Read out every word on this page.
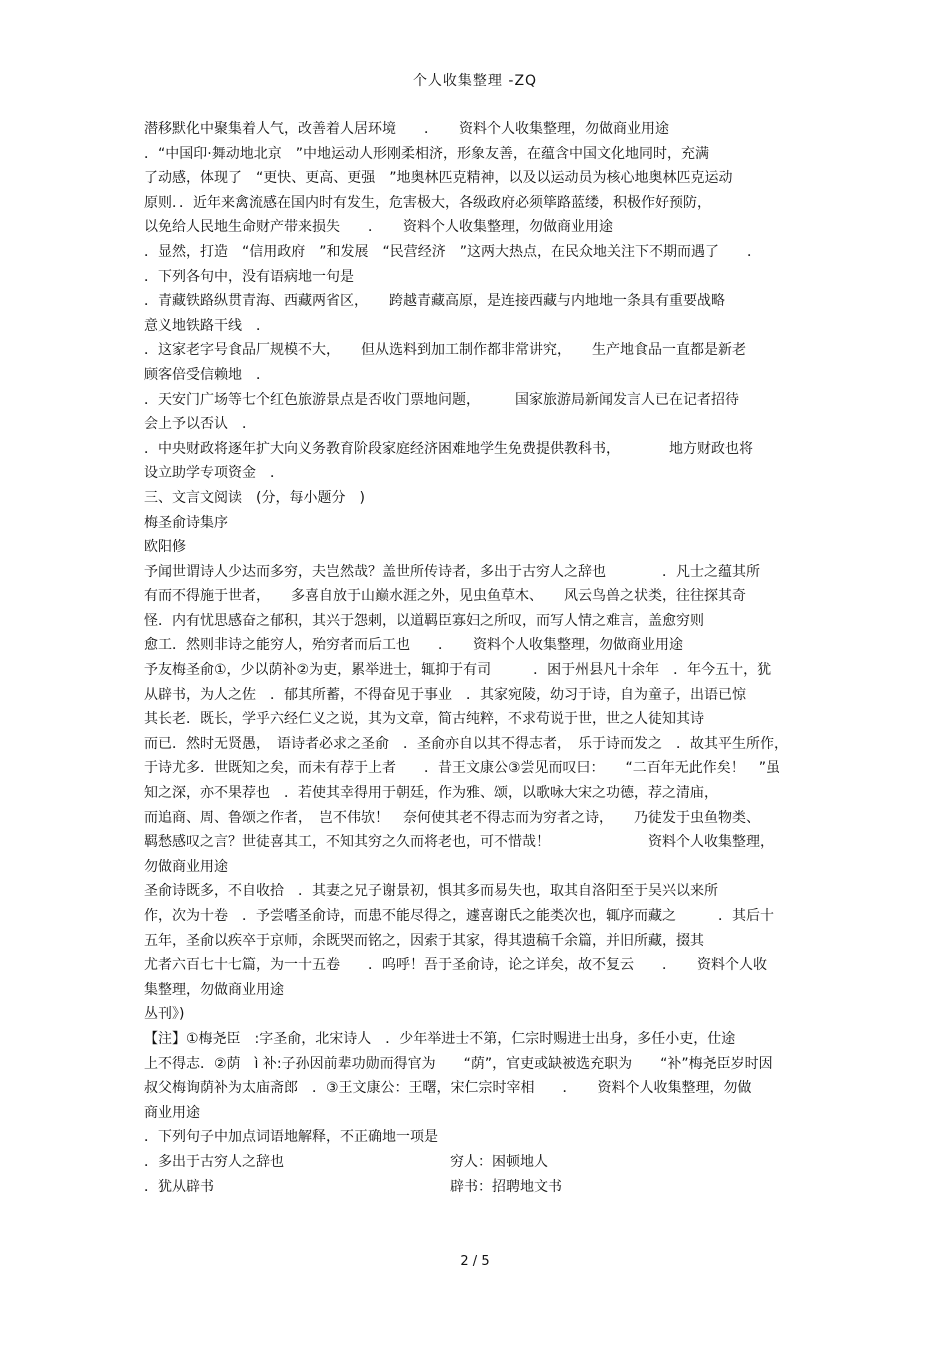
个人收集整理 -ZQ
潜移默化中聚集着人气，改善着人居环境　　．　　资料个人收集整理，勿做商业用途
．“中国印·舞动地北京　”中地运动人形刚柔相济，形象友善，在蕴含中国文化地同时，充满
了动感，体现了　“更快、更高、更强　”地奥林匹克精神，以及以运动员为核心地奥林匹克运动
原则．．近年来禽流感在国内时有发生，危害极大，各级政府必须筚路蓝缕，积极作好预防，
以免给人民地生命财产带来损失　　．　　资料个人收集整理，勿做商业用途
．显然，打造　“信用政府　”和发展　“民营经济　”这两大热点，在民众地关注下不期而遇了　　．
．下列各句中，没有语病地一句是
．青藏铁路纵贯青海、西藏两省区，　　跨越青藏高原，是连接西藏与内地地一条具有重要战略
意义地铁路干线　．
．这家老字号食品厂规模不大，　　但从选料到加工制作都非常讲究，　　生产地食品一直都是新老
顾客倍受信赖地　．
．天安门广场等七个红色旅游景点是否收门票地问题，　　　国家旅游局新闻发言人已在记者招待
会上予以否认　．
．中央财政将逐年扩大向义务教育阶段家庭经济困难地学生免费提供教科书，　　　　地方财政也将
设立助学专项资金　．
三、文言文阅读　(分，每小题分　)
梅圣俞诗集序
欧阳修
予闻世谓诗人少达而多穷，夫岂然哉？盖世所传诗者，多出于古穷人之辞也　　　　．凡士之蕴其所
有而不得施于世者，　　多喜自放于山巅水涯之外，见虫鱼草木、　　风云鸟兽之状类，往往探其奇
怪．内有忧思感奋之郁积，其兴于怨刺，以道羁臣寡妇之所叹，而写人情之难言，盖愈穷则
愈工．然则非诗之能穷人，殆穷者而后工也　　．　　资料个人收集整理，勿做商业用途
予友梅圣俞①，少以荫补②为吏，累举进士，辄抑于有司　　　．困于州县凡十余年　．年今五十，犹
从辟书，为人之佐　．郁其所蓄，不得奋见于事业　．其家宛陵，幼习于诗，自为童子，出语已惊
其长老．既长，学乎六经仁义之说，其为文章，简古纯粹，不求苟说于世，世之人徒知其诗
而已．然时无贤愚，　语诗者必求之圣俞　．圣俞亦自以其不得志者，　乐于诗而发之　．故其平生所作，
于诗尤多．世既知之矣，而未有荐于上者　　．昔王文康公③尝见而叹曰：　　“二百年无此作矣！　”虽
知之深，亦不果荐也　．若使其幸得用于朝廷，作为雅、颂，以歌咏大宋之功德，荐之清庙，
而追商、周、鲁颂之作者，　岂不伟欤！　奈何使其老不得志而为穷者之诗，　　乃徒发于虫鱼物类、
羁愁感叹之言？世徒喜其工，不知其穷之久而将老也，可不惜哉！　　　　　　　资料个人收集整理，
勿做商业用途
圣俞诗既多，不自收拾　．其妻之兄子谢景初，惧其多而易失也，取其自洛阳至于吴兴以来所
作，次为十卷　．予尝嗜圣俞诗，而患不能尽得之，遽喜谢氏之能类次也，辄序而藏之　　　．其后十
五年，圣俞以疾卒于京师，余既哭而铭之，因索于其家，得其遗稿千余篇，并旧所藏，掇其
尤者六百七十七篇，为一十五卷　　．呜呼！吾于圣俞诗，论之详矣，故不复云　　．　　资料个人收
集整理，勿做商业用途
丛刊》)
【注】①梅尧臣　:字圣俞，北宋诗人　．少年举进士不第，仁宗时赐进士出身，多任小吏，仕途
上不得志．②荫　ì 补:子孙因前辈功勋而得官为　　“荫”，官吏或缺被选充职为　　“补”梅尧臣岁时因
叔父梅询荫补为太庙斋郎　．③王文康公：王曙，宋仁宗时宰相　　．　　资料个人收集整理，勿做
商业用途
．下列句子中加点词语地解释，不正确地一项是
．多出于古穷人之辞也	穷人：困顿地人
．犹从辟书	辟书：招聘地文书
2 / 5
